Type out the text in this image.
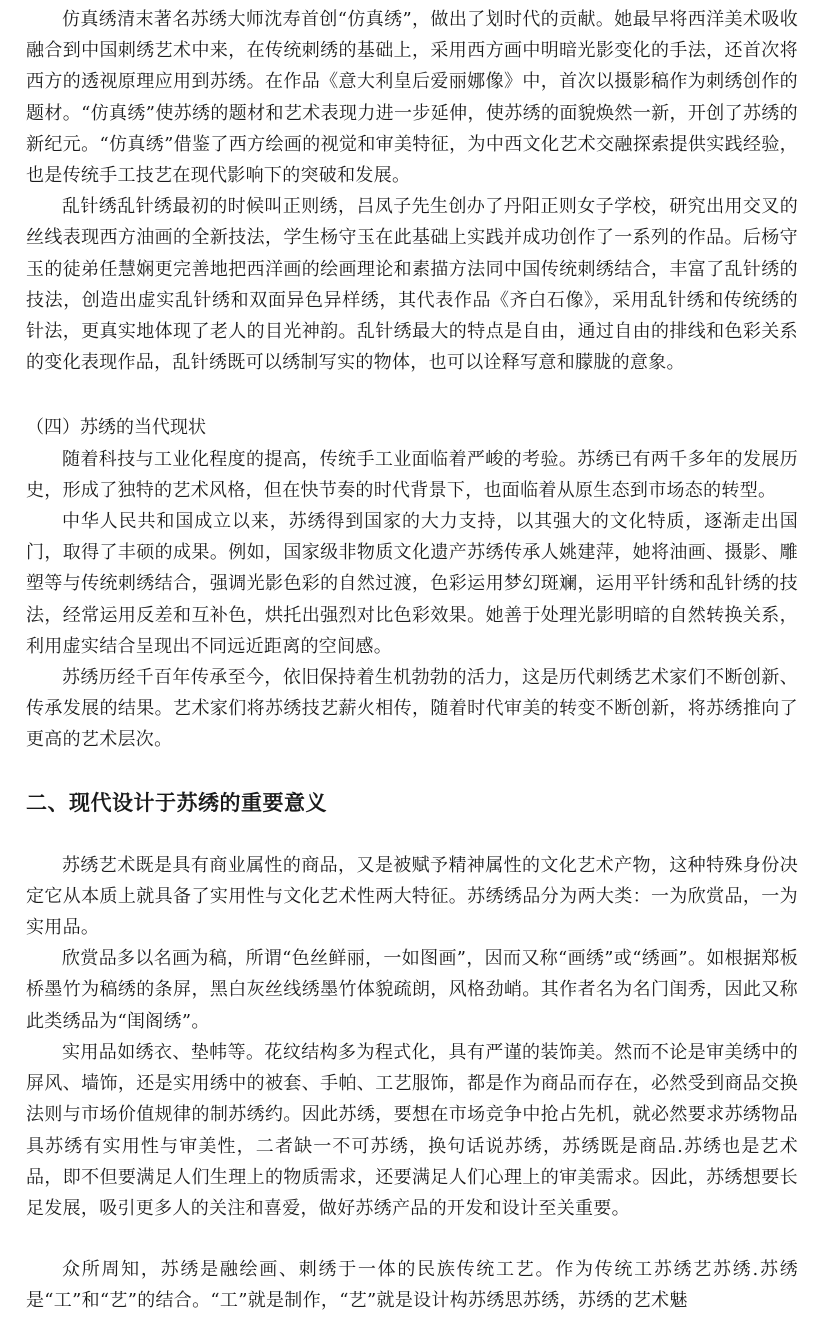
仿真绣清末著名苏绣大师沈寿首创“仿真绣”，做出了划时代的贡献。她最早将西洋美术吸收融合到中国刺绣艺术中来，在传统刺绣的基础上，采用西方画中明暗光影变化的手法，还首次将西方的透视原理应用到苏绣。在作品《意大利皇后爱丽娜像》中，首次以摄影稿作为刺绣创作的题材。“仿真绣”使苏绣的题材和艺术表现力进一步延伸，使苏绣的面貌焕然一新，开创了苏绣的新纪元。“仿真绣”借鉴了西方绘画的视觉和审美特征，为中西文化艺术交融探索提供实践经验，也是传统手工技艺在现代影响下的突破和发展。

乱针绣乱针绣最初的时候叫正则绣，吕凤子先生创办了丹阳正则女子学校，研究出用交叉的丝线表现西方油画的全新技法，学生杨守玉在此基础上实践并成功创作了一系列的作品。后杨守玉的徒弟任慧娴更完善地把西洋画的绘画理论和素描方法同中国传统刺绣结合，丰富了乱针绣的技法，创造出虚实乱针绣和双面异色异样绣，其代表作品《齐白石像》，采用乱针绣和传统绣的针法，更真实地体现了老人的目光神韵。乱针绣最大的特点是自由，通过自由的排线和色彩关系的变化表现作品，乱针绣既可以绣制写实的物体，也可以诠释写意和朦胧的意象。

（四）苏绣的当代现状

随着科技与工业化程度的提高，传统手工业面临着严峻的考验。苏绣已有两千多年的发展历史，形成了独特的艺术风格，但在快节奏的时代背景下，也面临着从原生态到市场态的转型。

中华人民共和国成立以来，苏绣得到国家的大力支持，以其强大的文化特质，逐渐走出国门，取得了丰硕的成果。例如，国家级非物质文化遗产苏绣传承人姚建萍，她将油画、摄影、雕塑等与传统刺绣结合，强调光影色彩的自然过渡，色彩运用梦幻斑斓，运用平针绣和乱针绣的技法，经常运用反差和互补色，烘托出强烈对比色彩效果。她善于处理光影明暗的自然转换关系，利用虚实结合呈现出不同远近距离的空间感。

苏绣历经千百年传承至今，依旧保持着生机勃勃的活力，这是历代刺绣艺术家们不断创新、传承发展的结果。艺术家们将苏绣技艺薪火相传，随着时代审美的转变不断创新，将苏绣推向了更高的艺术层次。

二、现代设计于苏绣的重要意义

苏绣艺术既是具有商业属性的商品，又是被赋予精神属性的文化艺术产物，这种特殊身份决定它从本质上就具备了实用性与文化艺术性两大特征。苏绣绣品分为两大类：一为欣赏品，一为实用品。

欣赏品多以名画为稿，所谓“色丝鲜丽，一如图画”，因而又称“画绣”或“绣画”。如根据郑板桥墨竹为稿绣的条屏，黑白灰丝线绣墨竹体貌疏朗，风格劲峭。其作者名为名门闺秀，因此又称此类绣品为“闺阁绣”。

实用品如绣衣、垫帏等。花纹结构多为程式化，具有严谨的装饰美。然而不论是审美绣中的屏风、墙饰，还是实用绣中的被套、手帕、工艺服饰，都是作为商品而存在，必然受到商品交换法则与市场价值规律的制苏绣约。因此苏绣，要想在市场竞争中抢占先机，就必然要求苏绣物品具苏绣有实用性与审美性，二者缺一不可苏绣，换句话说苏绣，苏绣既是商品.苏绣也是艺术品，即不但要满足人们生理上的物质需求，还要满足人们心理上的审美需求。因此，苏绣想要长足发展，吸引更多人的关注和喜爱，做好苏绣产品的开发和设计至关重要。

众所周知，苏绣是融绘画、刺绣于一体的民族传统工艺。作为传统工苏绣艺苏绣.苏绣是“工”和“艺”的结合。“工”就是制作，“艺”就是设计构苏绣思苏绣，苏绣的艺术魅
